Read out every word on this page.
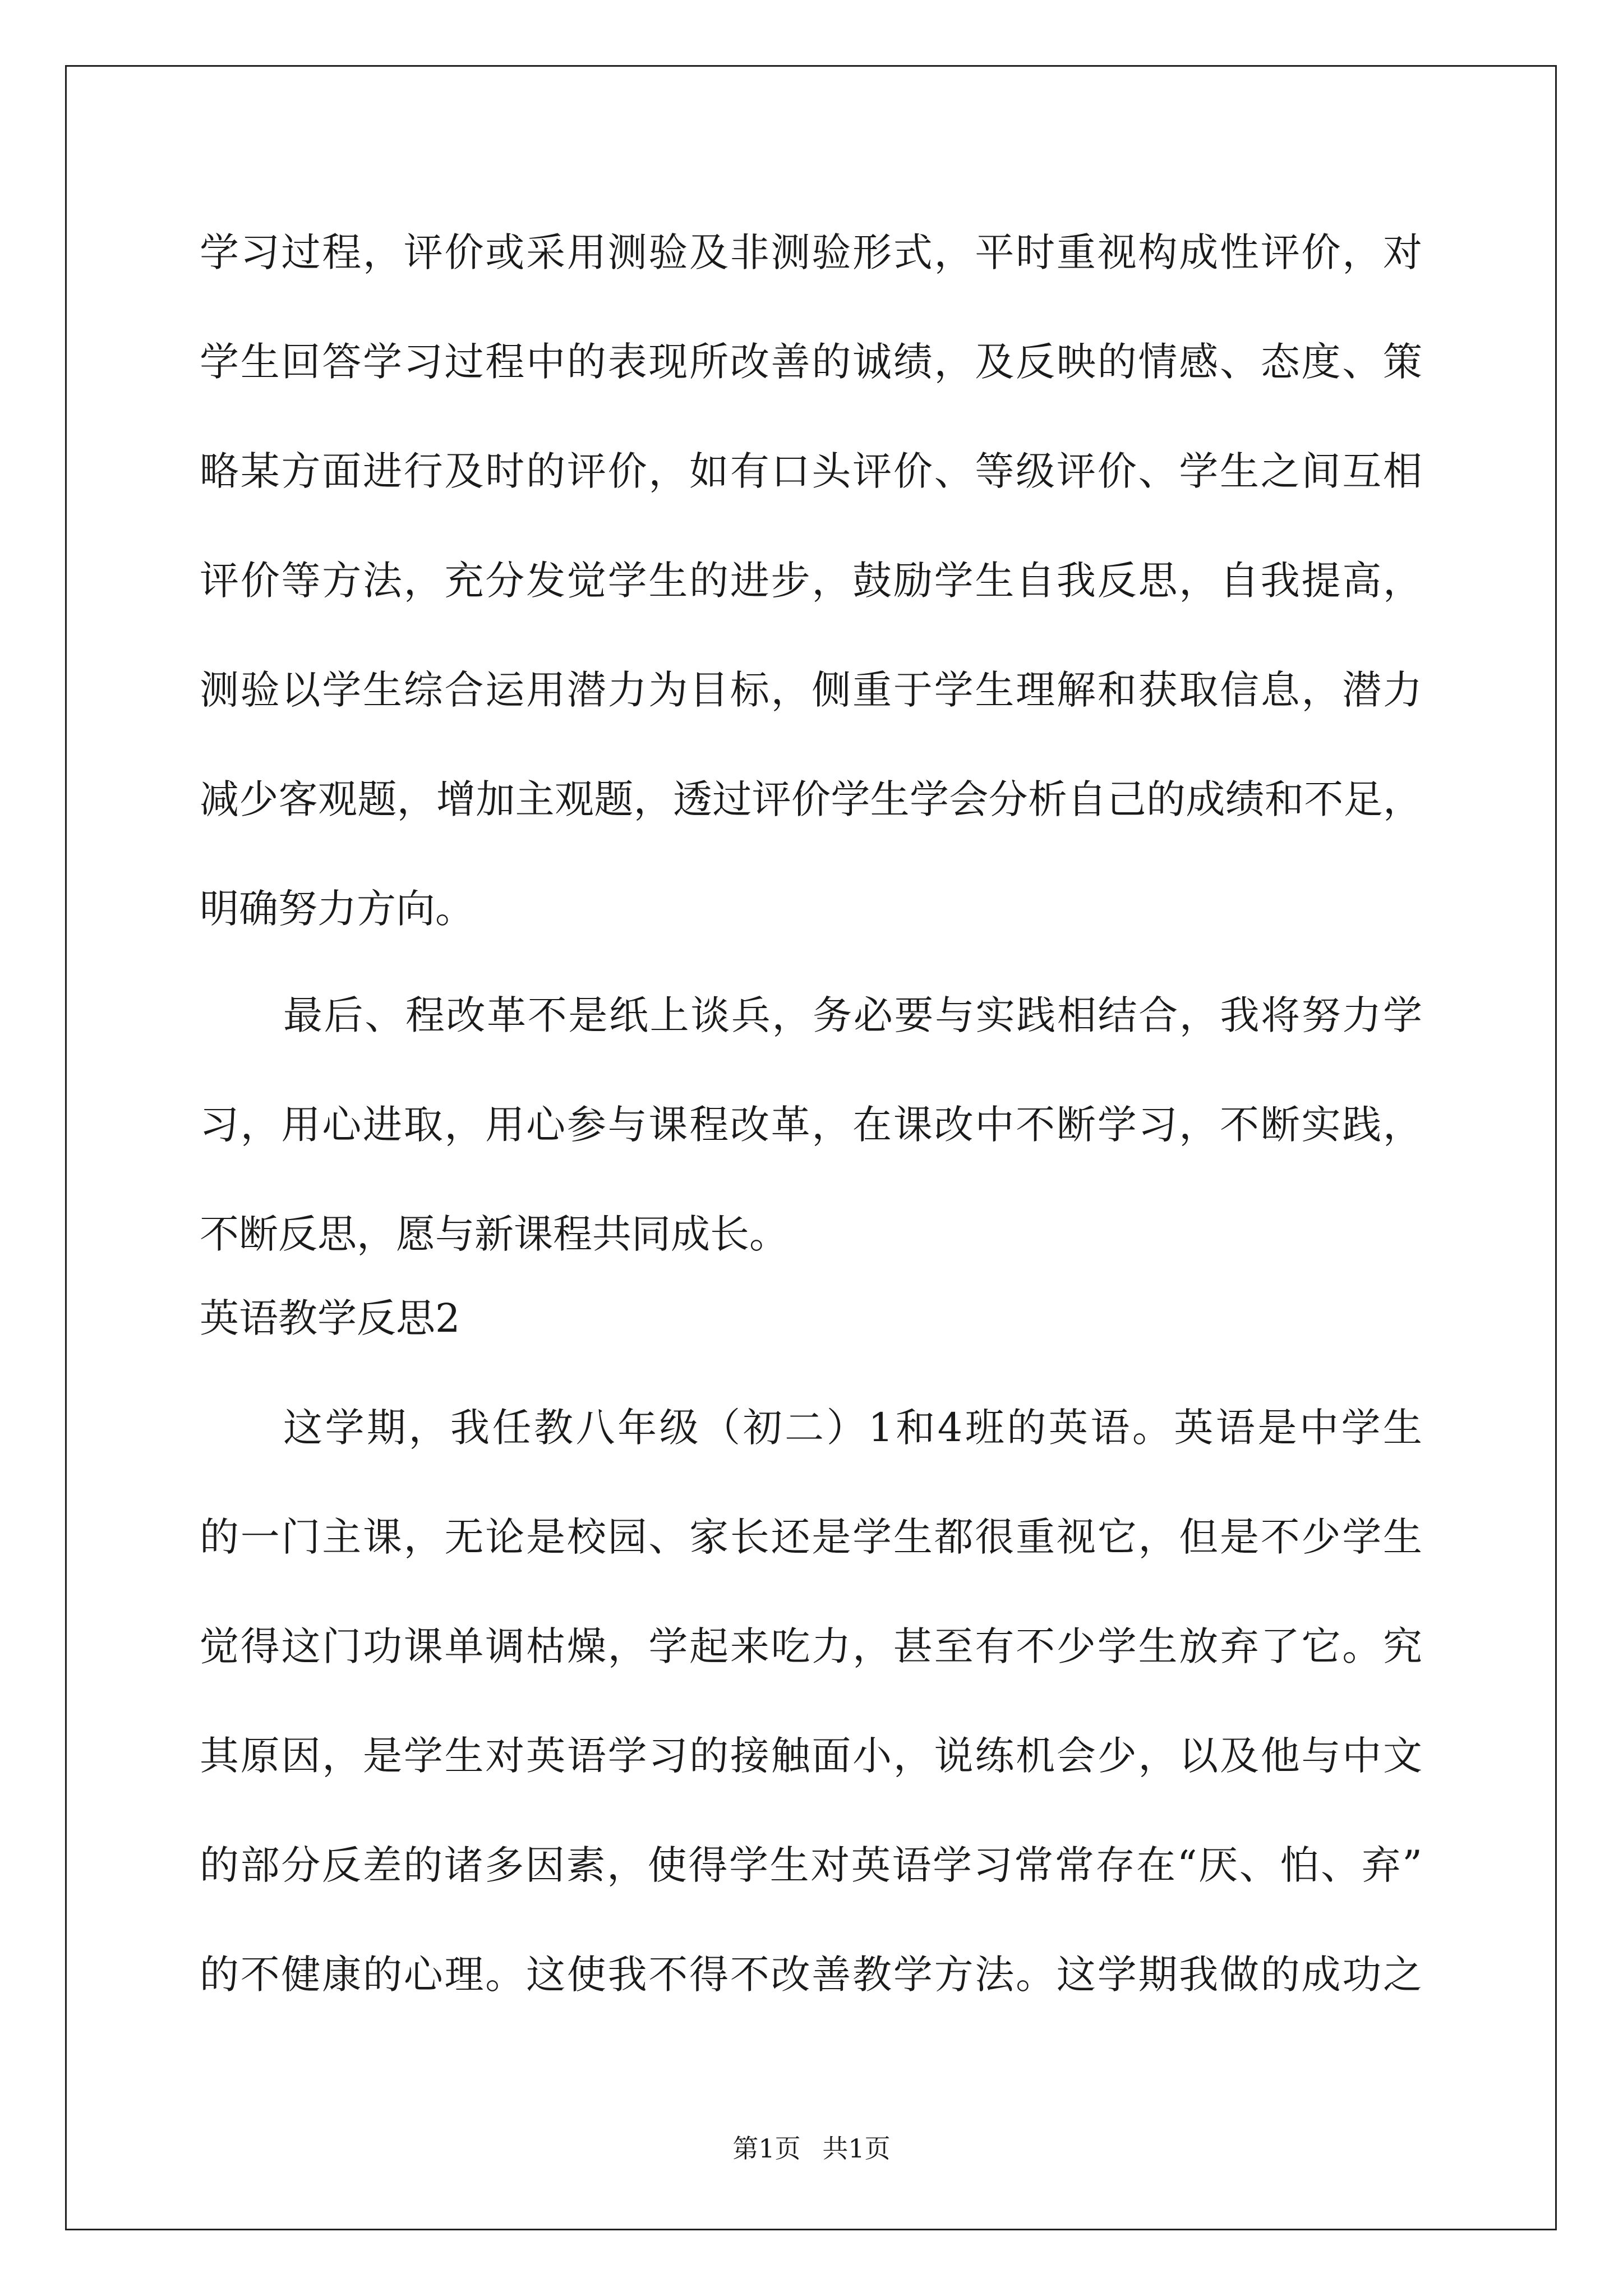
学习过程，评价或采用测验及非测验形式，平时重视构成性评价，对
学生回答学习过程中的表现所改善的诚绩，及反映的情感、态度、策
略某方面进行及时的评价，如有口头评价、等级评价、学生之间互相
评价等方法，充分发觉学生的进步，鼓励学生自我反思，自我提高，
测验以学生综合运用潜力为目标，侧重于学生理解和获取信息，潜力
减少客观题，增加主观题，透过评价学生学会分析自己的成绩和不足，
明确努力方向。
最后、程改革不是纸上谈兵，务必要与实践相结合，我将努力学
习，用心进取，用心参与课程改革，在课改中不断学习，不断实践，
不断反思，愿与新课程共同成长。
英语教学反思2
这学期，我任教八年级（初二）1和4班的英语。英语是中学生
的一门主课，无论是校园、家长还是学生都很重视它，但是不少学生
觉得这门功课单调枯燥，学起来吃力，甚至有不少学生放弃了它。究
其原因，是学生对英语学习的接触面小，说练机会少，以及他与中文
的部分反差的诸多因素，使得学生对英语学习常常存在“厌、怕、弃”
的不健康的心理。这使我不得不改善教学方法。这学期我做的成功之
第1页 共1页
